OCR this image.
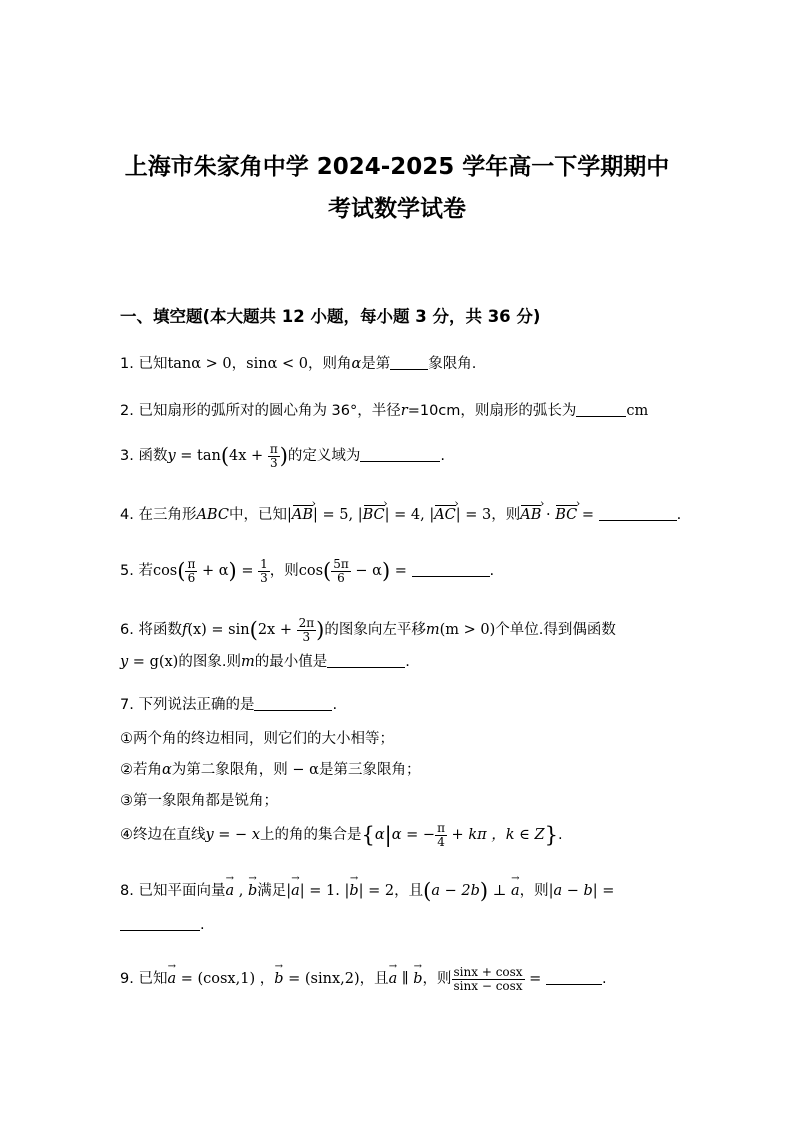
上海市朱家角中学 2024-2025 学年高一下学期期中
考试数学试卷
一、填空题(本大题共 12 小题，每小题 3 分，共 36 分)
1. 已知tanα > 0，sinα < 0，则角α是第	象限角.
2. 已知扇形的弧所对的圆心角为 36°，半径r=10cm，则扇形的弧长为	cm
3. 函数$y = \tan(4x + \frac{\pi}{3}$ )的定义域为	.
4. 在三角形ABC中，已知|AB ›| = 5, |BC ›| = 4, |AC ›| = 3，则AB › · BC › =	.
5. 若$\cos( \frac{\pi}{6} + \alpha) = \frac{1}{3}$ ，则$\cos( \frac{5\pi}{6} - \alpha)$ =	.
6. 将函数$f(x) = \sin(2x + \frac{2\pi}{3}$ )的图象向左平移m(m > 0)个单位.得到偶函数
y = g(x)的图象.则m的最小值是	.
7. 下列说法正确的是	.
①两个角的终边相同，则它们的大小相等；
②若角α为第二象限角，则 − α是第三象限角；
③第一象限角都是锐角；
④终边在直线y = − x上的角的集合是{α|α = − $\frac{\pi}{4} + k\pi$ ，k ∈ Z}.
8. 已知平面向量→ a , → b满足|→ a| = 1. |→ b| = 2，且(a − 2b) ⊥ → a，则|a − b| =
.
9. 已知→ a = (cosx,1) ，→ b = (sinx,2)，且→ a ∥ → b，则 $\frac{\sin x + \cos x}{\sin x - \cos x}$ =	.
